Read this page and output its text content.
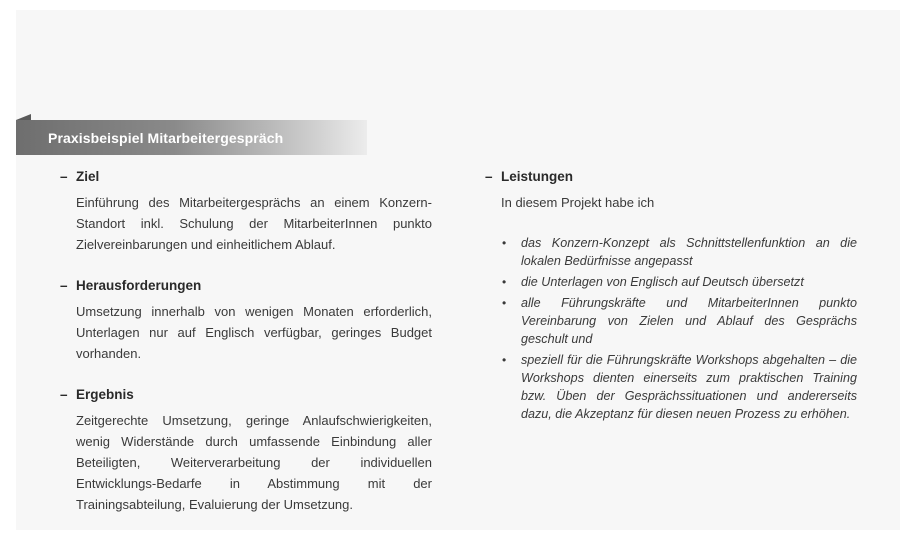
Praxisbeispiel Mitarbeitergespräch
– Ziel
Einführung des Mitarbeitergesprächs an einem Konzern-Standort inkl. Schulung der MitarbeiterInnen punkto Zielvereinbarungen und einheitlichem Ablauf.
– Herausforderungen
Umsetzung innerhalb von wenigen Monaten erforderlich, Unterlagen nur auf Englisch verfügbar, geringes Budget vorhanden.
– Ergebnis
Zeitgerechte Umsetzung, geringe Anlaufschwierigkeiten, wenig Widerstände durch umfassende Einbindung aller Beteiligten, Weiterverarbeitung der individuellen Entwicklungs-Bedarfe in Abstimmung mit der Trainingsabteilung, Evaluierung der Umsetzung.
– Leistungen
In diesem Projekt habe ich
• das Konzern-Konzept als Schnittstellenfunktion an die lokalen Bedürfnisse angepasst
• die Unterlagen von Englisch auf Deutsch übersetzt
• alle Führungskräfte und MitarbeiterInnen punkto Vereinbarung von Zielen und Ablauf des Gesprächs geschult und
• speziell für die Führungskräfte Workshops abgehalten – die Workshops dienten einerseits zum praktischen Training bzw. Üben der Gesprächssituationen und andererseits dazu, die Akzeptanz für diesen neuen Prozess zu erhöhen.
